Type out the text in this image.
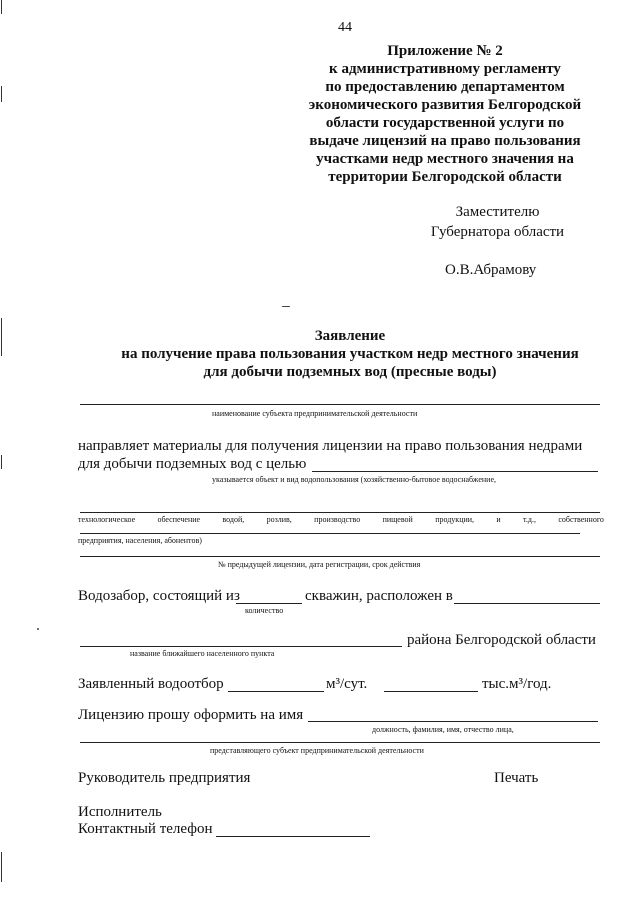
44
Приложение № 2
к административному регламенту
по предоставлению департаментом
экономического развития Белгородской
области государственной услуги по
выдаче лицензий на право пользования
участками недр местного значения на
территории Белгородской области
Заместителю
Губернатора области
О.В.Абрамову
Заявление
на получение права пользования участком недр местного значения
для добычи подземных вод (пресные воды)
наименование субъекта предпринимательской деятельности
направляет материалы для получения лицензии на право пользования недрами
для добычи подземных вод с целью
указывается объект и вид водопользования (хозяйственно-бытовое водоснабжение,
технологическое	обеспечение	водой,	розлив,	производство	пищевой	продукции,	и	т.д.,	собственного
предприятия, населения, абонентов)
№ предыдущей лицензии, дата регистрации, срок действия
Водозабор, состоящий из	скважин, расположен в
количество
района Белгородской области
название ближайшего населенного пункта
Заявленный водоотбор	м³/сут.	тыс.м³/год.
Лицензию прошу оформить на имя
должность, фамилия, имя, отчество лица,
представляющего субъект предпринимательской деятельности
Руководитель предприятия	Печать
Исполнитель
Контактный телефон
